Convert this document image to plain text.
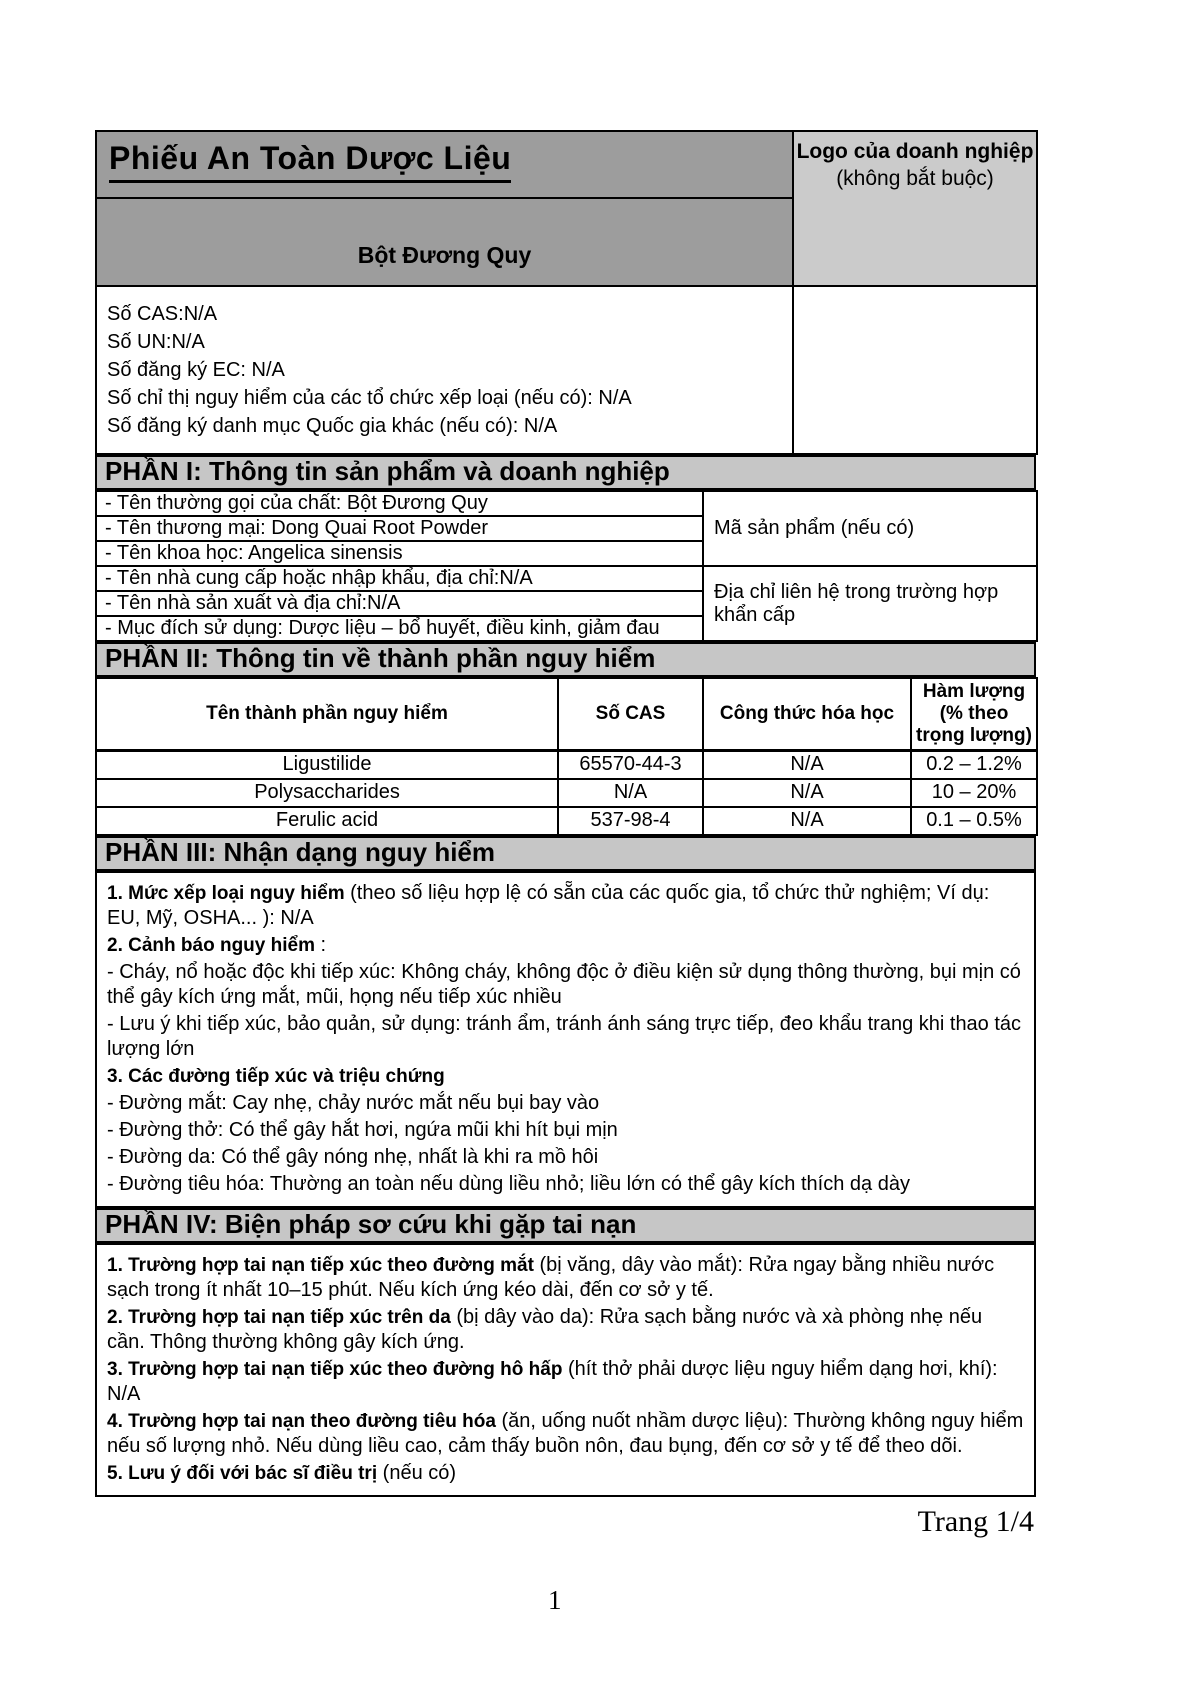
Phiếu An Toàn Dược Liệu	Logo của doanh nghiệp
(không bắt buộc)

Bột Đương Quy	

Số CAS:N/A
Số UN:N/A
Số đăng ký EC: N/A
Số chỉ thị nguy hiểm của các tổ chức xếp loại (nếu có): N/A
Số đăng ký danh mục Quốc gia khác (nếu có): N/A	

PHẦN I: Thông tin sản phẩm và doanh nghiệp
- Tên thường gọi của chất: Bột Đương Quy	Mã sản phẩm (nếu có)
- Tên thương mại: Dong Quai Root Powder	
- Tên khoa học: Angelica sinensis	
- Tên nhà cung cấp hoặc nhập khẩu, địa chỉ:N/A	Địa chỉ liên hệ trong trường hợp khẩn cấp
- Tên nhà sản xuất và địa chỉ:N/A	
- Mục đích sử dụng: Dược liệu – bổ huyết, điều kinh, giảm đau	
PHẦN II: Thông tin về thành phần nguy hiểm
Tên thành phần nguy hiểm	Số CAS	Công thức hóa học	Hàm lượng (% theo trọng lượng)
Ligustilide	65570-44-3	N/A	0.2 – 1.2%
Polysaccharides	N/A	N/A	10 – 20%
Ferulic acid	537-98-4	N/A	0.1 – 0.5%
PHẦN III: Nhận dạng nguy hiểm

1. Mức xếp loại nguy hiểm (theo số liệu hợp lệ có sẵn của các quốc gia, tổ chức thử nghiệm; Ví dụ: EU, Mỹ, OSHA... ): N/A

2. Cảnh báo nguy hiểm :

- Cháy, nổ hoặc độc khi tiếp xúc: Không cháy, không độc ở điều kiện sử dụng thông thường, bụi mịn có thể gây kích ứng mắt, mũi, họng nếu tiếp xúc nhiều

- Lưu ý khi tiếp xúc, bảo quản, sử dụng: tránh ẩm, tránh ánh sáng trực tiếp, đeo khẩu trang khi thao tác lượng lớn

3. Các đường tiếp xúc và triệu chứng

- Đường mắt: Cay nhẹ, chảy nước mắt nếu bụi bay vào

- Đường thở: Có thể gây hắt hơi, ngứa mũi khi hít bụi mịn

- Đường da: Có thể gây nóng nhẹ, nhất là khi ra mồ hôi

- Đường tiêu hóa: Thường an toàn nếu dùng liều nhỏ; liều lớn có thể gây kích thích dạ dày

PHẦN IV: Biện pháp sơ cứu khi gặp tai nạn

1. Trường hợp tai nạn tiếp xúc theo đường mắt (bị văng, dây vào mắt): Rửa ngay bằng nhiều nước sạch trong ít nhất 10–15 phút. Nếu kích ứng kéo dài, đến cơ sở y tế.

2. Trường hợp tai nạn tiếp xúc trên da (bị dây vào da): Rửa sạch bằng nước và xà phòng nhẹ nếu cần. Thông thường không gây kích ứng.

3. Trường hợp tai nạn tiếp xúc theo đường hô hấp (hít thở phải dược liệu nguy hiểm dạng hơi, khí): N/A

4. Trường hợp tai nạn theo đường tiêu hóa (ăn, uống nuốt nhầm dược liệu): Thường không nguy hiểm nếu số lượng nhỏ. Nếu dùng liều cao, cảm thấy buồn nôn, đau bụng, đến cơ sở y tế để theo dõi.

5. Lưu ý đối với bác sĩ điều trị (nếu có)

Trang 1/4
1
